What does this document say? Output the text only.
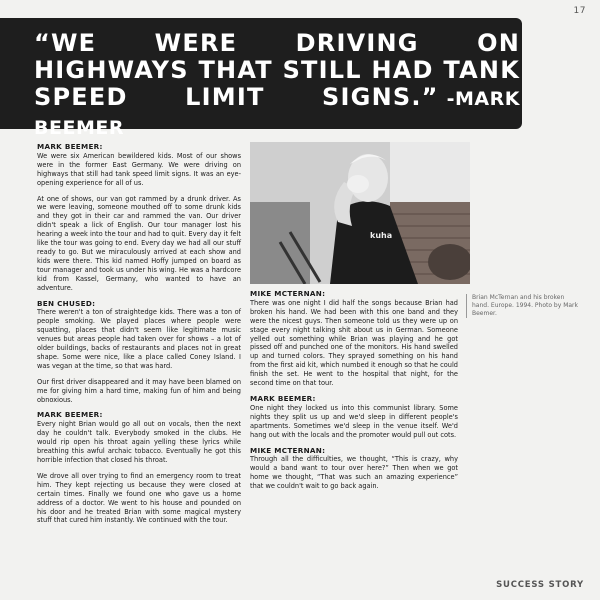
17

“WE WERE DRIVING ON HIGHWAYS THAT STILL HAD TANK SPEED LIMIT SIGNS.” -MARK BEEMER

MARK BEEMER:

We were six American bewildered kids. Most of our shows were in the former East Germany. We were driving on highways that still had tank speed limit signs. It was an eye-opening experience for all of us.

At one of shows, our van got rammed by a drunk driver. As we were leaving, someone mouthed off to some drunk kids and they got in their car and rammed the van. Our driver didn't speak a lick of English. Our tour manager lost his hearing a week into the tour and had to quit. Every day it felt like the tour was going to end. Every day we had all our stuff ready to go. But we miraculously arrived at each show and kids were there. This kid named Hoffy jumped on board as tour manager and took us under his wing. He was a hardcore kid from Kassel, Germany, who wanted to have an adventure.

BEN CHUSED:

There weren't a ton of straightedge kids. There was a ton of people smoking. We played places where people were squatting, places that didn't seem like legitimate music venues but areas people had taken over for shows – a lot of older buildings, backs of restaurants and places not in great shape. Some were nice, like a place called Coney Island. I was vegan at the time, so that was hard.

Our first driver disappeared and it may have been blamed on me for giving him a hard time, making fun of him and being obnoxious.

MARK BEEMER:

Every night Brian would go all out on vocals, then the next day he couldn't talk. Everybody smoked in the clubs. He would rip open his throat again yelling these lyrics while breathing this awful archaic tobacco. Eventually he got this horrible infection that closed his throat.

We drove all over trying to find an emergency room to treat him. They kept rejecting us because they were closed at certain times. Finally we found one who gave us a home address of a doctor. We went to his house and pounded on his door and he treated Brian with some magical mystery stuff that cured him instantly. We continued with the tour.

kuha
Brian McTernan and his broken hand. Europe. 1994. Photo by Mark Beemer.

MIKE MCTERNAN:

There was one night I did half the songs because Brian had broken his hand. We had been with this one band and they were the nicest guys. Then someone told us they were up on stage every night talking shit about us in German. Someone yelled out something while Brian was playing and he got pissed off and punched one of the monitors. His hand swelled up and turned colors. They sprayed something on his hand from the first aid kit, which numbed it enough so that he could finish the set. He went to the hospital that night, for the second time on that tour.

MARK BEEMER:

One night they locked us into this communist library. Some nights they split us up and we'd sleep in different people's apartments. Sometimes we'd sleep in the venue itself. We'd hang out with the locals and the promoter would pull out cots.

MIKE MCTERNAN:

Through all the difficulties, we thought, “This is crazy, why would a band want to tour over here?” Then when we got home we thought, “That was such an amazing experience” that we couldn't wait to go back again.

SUCCESS STORY
